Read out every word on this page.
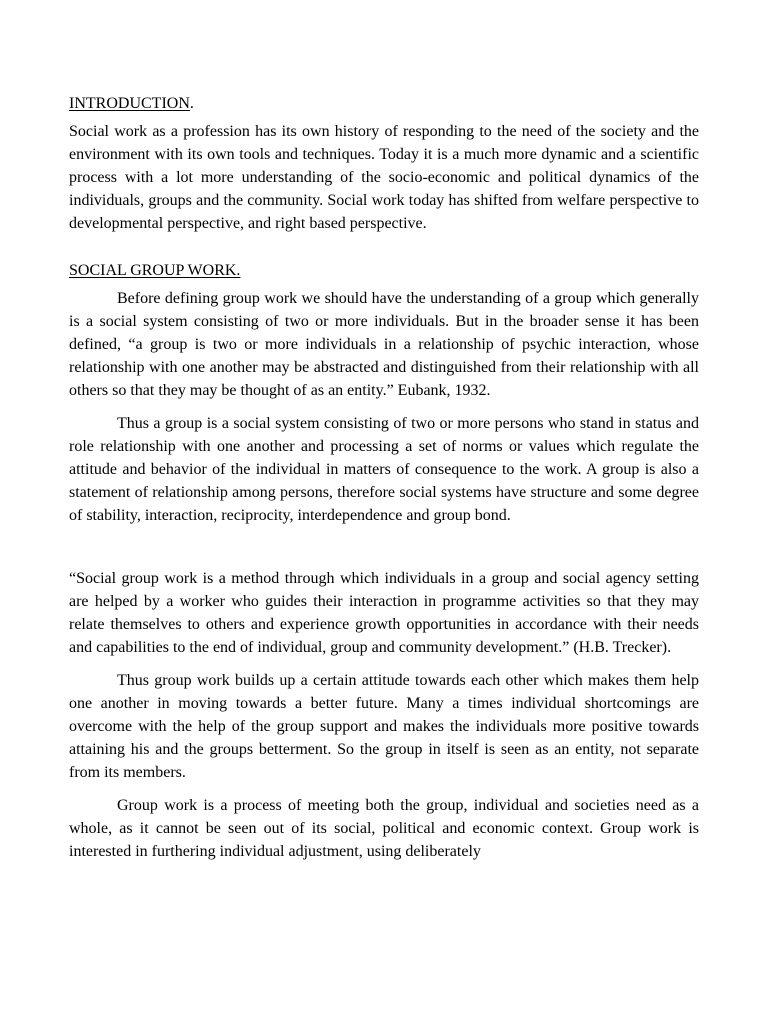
INTRODUCTION.

Social work as a profession has its own history of responding to the need of the society and the environment with its own tools and techniques. Today it is a much more dynamic and a scientific process with a lot more understanding of the socio-economic and political dynamics of the individuals, groups and the community. Social work today has shifted from welfare perspective to developmental perspective, and right based perspective.

SOCIAL GROUP WORK.

Before defining group work we should have the understanding of a group which generally is a social system consisting of two or more individuals. But in the broader sense it has been defined, “a group is two or more individuals in a relationship of psychic interaction, whose relationship with one another may be abstracted and distinguished from their relationship with all others so that they may be thought of as an entity.” Eubank, 1932.

Thus a group is a social system consisting of two or more persons who stand in status and role relationship with one another and processing a set of norms or values which regulate the attitude and behavior of the individual in matters of consequence to the work. A group is also a statement of relationship among persons, therefore social systems have structure and some degree of stability, interaction, reciprocity, interdependence and group bond.

“Social group work is a method through which individuals in a group and social agency setting are helped by a worker who guides their interaction in programme activities so that they may relate themselves to others and experience growth opportunities in accordance with their needs and capabilities to the end of individual, group and community development.” (H.B. Trecker).

Thus group work builds up a certain attitude towards each other which makes them help one another in moving towards a better future. Many a times individual shortcomings are overcome with the help of the group support and makes the individuals more positive towards attaining his and the groups betterment. So the group in itself is seen as an entity, not separate from its members.

Group work is a process of meeting both the group, individual and societies need as a whole, as it cannot be seen out of its social, political and economic context. Group work is interested in furthering individual adjustment, using deliberately
